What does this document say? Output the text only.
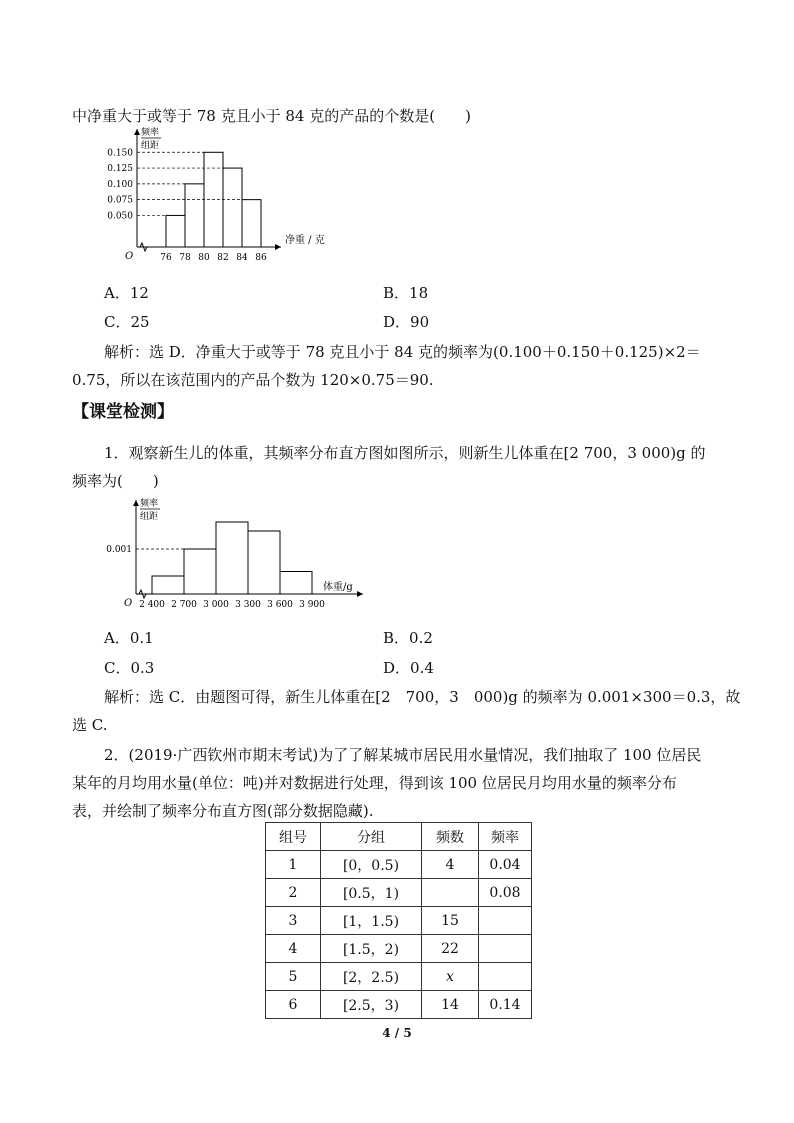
中净重大于或等于 78 克且小于 84 克的产品的个数是(　　)
O
频率
组距
净重 / 克
0.050
0.075
0.100
0.125
0.150
76 78 80 82 84 86
A．12	B．18
C．25	D．90
解析：选 D．净重大于或等于 78 克且小于 84 克的频率为(0.100＋0.150＋0.125)×2＝
0.75，所以在该范围内的产品个数为 120×0.75＝90.
【课堂检测】
1．观察新生儿的体重，其频率分布直方图如图所示，则新生儿体重在[2 700，3 000)g 的
频率为(　　)
O
频率
组距
体重/g
0.001
2 400 2 700 3 000 3 300 3 600 3 900
A．0.1	B．0.2
C．0.3	D．0.4
解析：选 C．由题图可得，新生儿体重在[2　700，3　000)g 的频率为 0.001×300＝0.3，故
选 C.
2．(2019·广西钦州市期末考试)为了了解某城市居民用水量情况，我们抽取了 100 位居民
某年的月均用水量(单位：吨)并对数据进行处理，得到该 100 位居民月均用水量的频率分布
表，并绘制了频率分布直方图(部分数据隐藏).
组号	分组	频数	频率
1	[0，0.5)	4	0.04
2	[0.5，1)		0.08
3	[1，1.5)	15	
4	[1.5，2)	22	
5	[2，2.5)	x	
6	[2.5，3)	14	0.14
4 / 5
